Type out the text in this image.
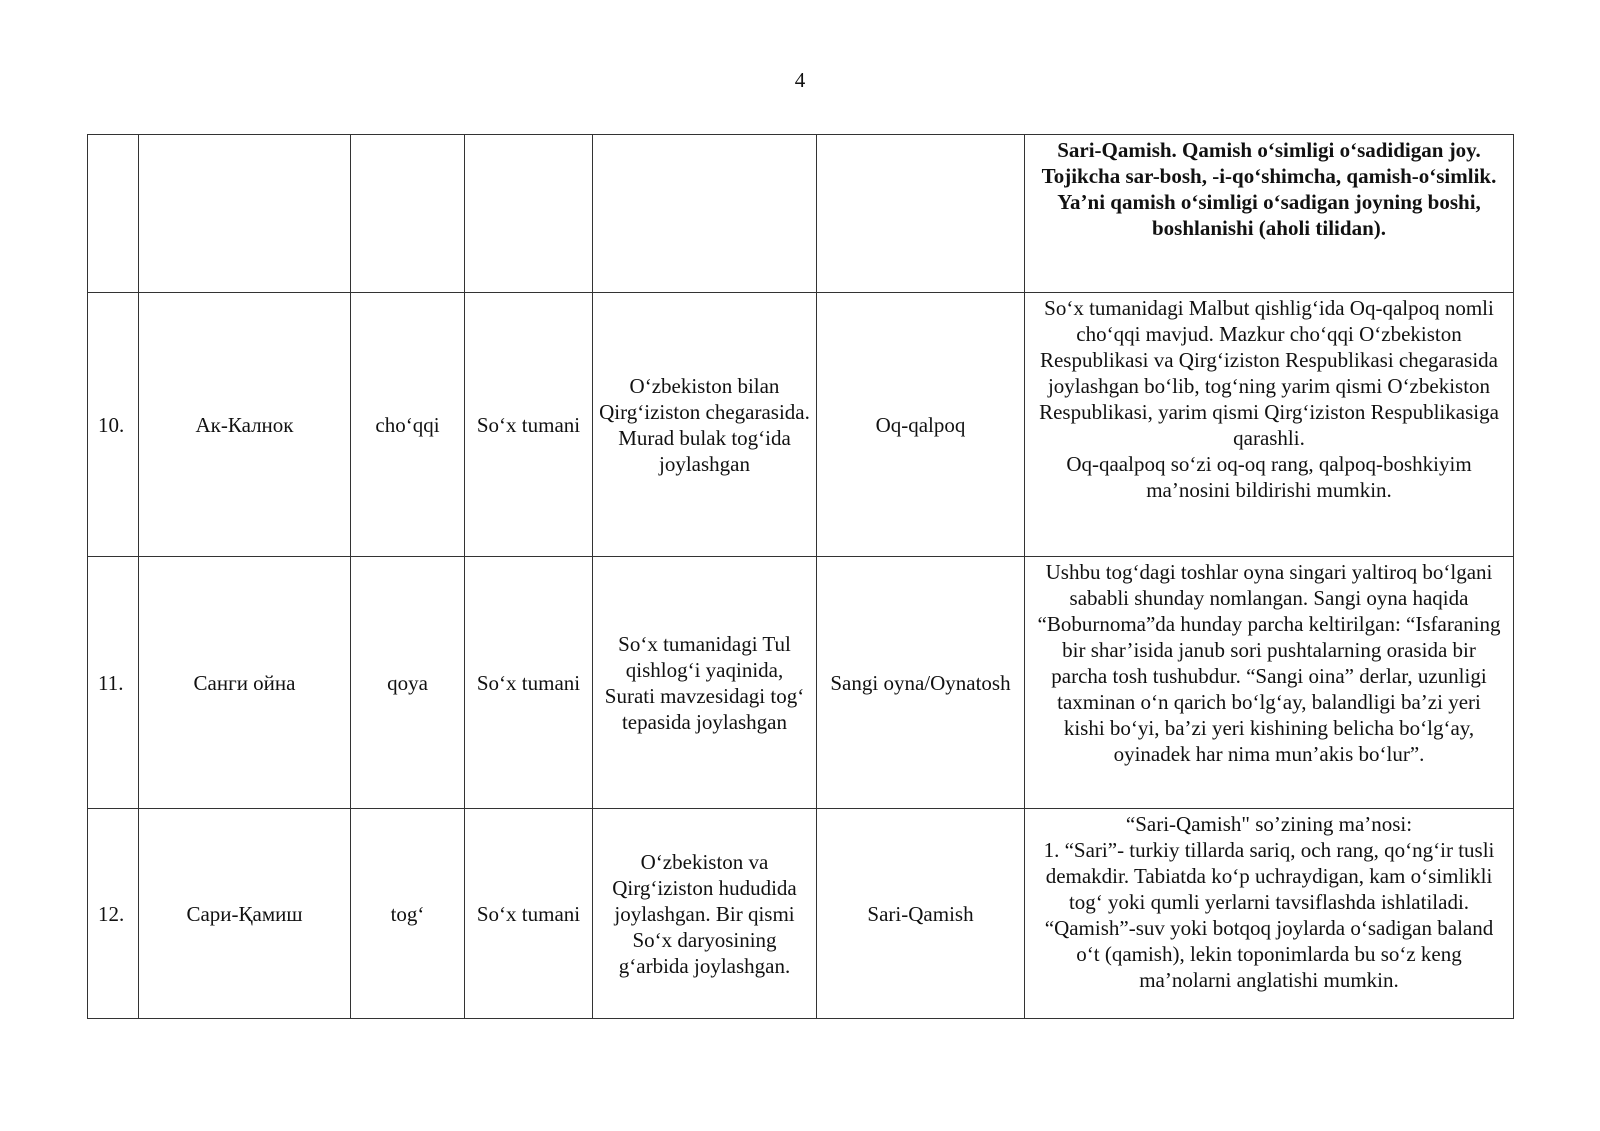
4
						Sari-Qamish. Qamish o‘simligi o‘sadidigan joy. Tojikcha sar-bosh, -i-qo‘shimcha, qamish-o‘simlik. Ya’ni qamish o‘simligi o‘sadigan joyning boshi, boshlanishi (aholi tilidan).
10.	Ак-Калнок	cho‘qqi	So‘x tumani	O‘zbekiston bilan Qirg‘iziston chegarasida. Murad bulak tog‘ida joylashgan	Oq-qalpoq	So‘x tumanidagi Malbut qishlig‘ida Oq-qalpoq nomli cho‘qqi mavjud. Mazkur cho‘qqi O‘zbekiston Respublikasi va Qirg‘iziston Respublikasi chegarasida joylashgan bo‘lib, tog‘ning yarim qismi O‘zbekiston Respublikasi, yarim qismi Qirg‘iziston Respublikasiga qarashli.
Oq-qaalpoq so‘zi oq-oq rang, qalpoq-boshkiyim ma’nosini bildirishi mumkin.

11.	Санги ойна	qoya	So‘x tumani	So‘x tumanidagi Tul qishlog‘i yaqinida, Surati mavzesidagi tog‘ tepasida joylashgan	Sangi oyna/Oynatosh	Ushbu tog‘dagi toshlar oyna singari yaltiroq bo‘lgani sababli shunday nomlangan. Sangi oyna haqida “Boburnoma”da hunday parcha keltirilgan: “Isfaraning bir shar’isida janub sori pushtalarning orasida bir parcha tosh tushubdur. “Sangi oina” derlar, uzunligi taxminan o‘n qarich bo‘lg‘ay, balandligi ba’zi yeri kishi bo‘yi, ba’zi yeri kishining belicha bo‘lg‘ay, oyinadek har nima mun’akis bo‘lur”.
12.	Сари-Қамиш	tog‘	So‘x tumani	O‘zbekiston va Qirg‘iziston hududida joylashgan. Bir qismi So‘x daryosining g‘arbida joylashgan.	Sari-Qamish	“Sari-Qamish" so’zining ma’nosi:
1. “Sari”- turkiy tillarda sariq, och rang, qo‘ng‘ir tusli demakdir. Tabiatda ko‘p uchraydigan, kam o‘simlikli tog‘ yoki qumli yerlarni tavsiflashda ishlatiladi. “Qamish”-suv yoki botqoq joylarda o‘sadigan baland o‘t (qamish), lekin toponimlarda bu so‘z keng ma’nolarni anglatishi mumkin.
